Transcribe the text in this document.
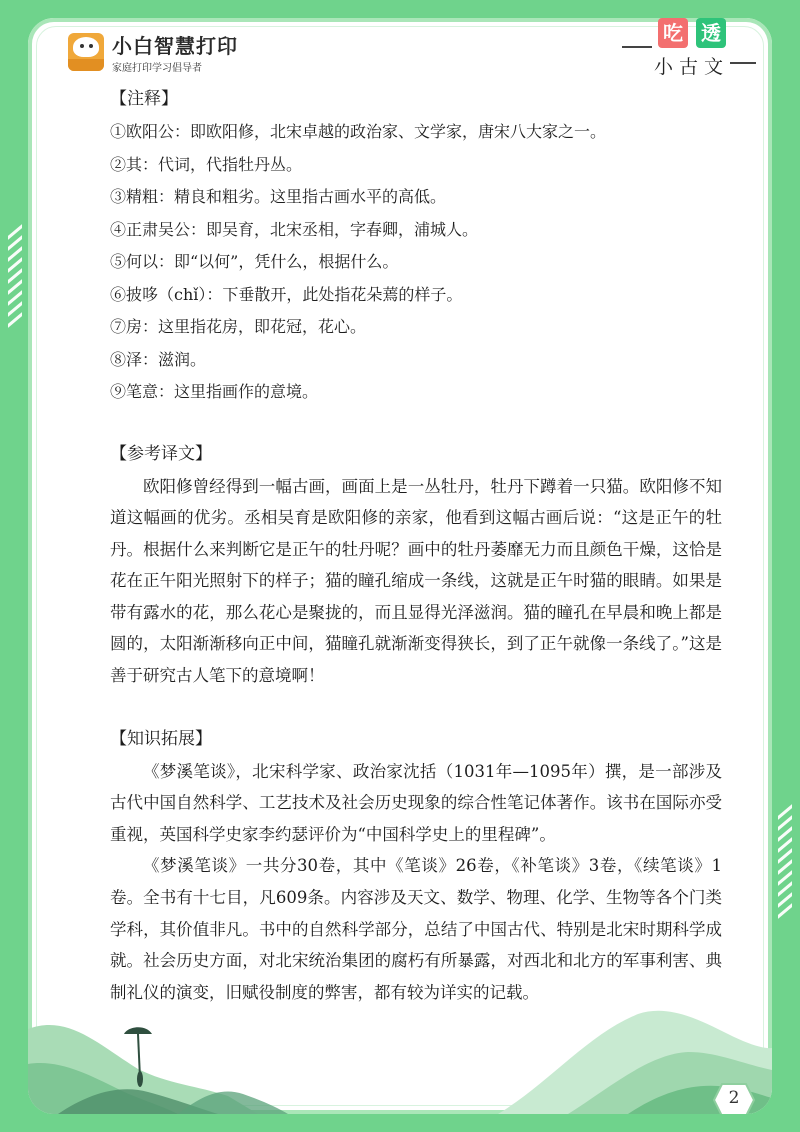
2
小白智慧打印
家庭打印学习倡导者
吃 透
小古文
【注释】
①欧阳公：即欧阳修，北宋卓越的政治家、文学家，唐宋八大家之一。
②其：代词，代指牡丹丛。
③精粗：精良和粗劣。这里指古画水平的高低。
④正肃吴公：即吴育，北宋丞相，字春卿，浦城人。
⑤何以：即“以何”，凭什么，根据什么。
⑥披哆（chǐ）：下垂散开，此处指花朵蔫的样子。
⑦房：这里指花房，即花冠，花心。
⑧泽：滋润。
⑨笔意：这里指画作的意境。
【参考译文】

欧阳修曾经得到一幅古画，画面上是一丛牡丹，牡丹下蹲着一只猫。欧阳修不知道这幅画的优劣。丞相吴育是欧阳修的亲家，他看到这幅古画后说：“这是正午的牡丹。根据什么来判断它是正午的牡丹呢？画中的牡丹萎靡无力而且颜色干燥，这恰是花在正午阳光照射下的样子；猫的瞳孔缩成一条线，这就是正午时猫的眼睛。如果是带有露水的花，那么花心是聚拢的，而且显得光泽滋润。猫的瞳孔在早晨和晚上都是圆的，太阳渐渐移向正中间，猫瞳孔就渐渐变得狭长，到了正午就像一条线了。”这是善于研究古人笔下的意境啊！

【知识拓展】

《梦溪笔谈》，北宋科学家、政治家沈括（1031年—1095年）撰，是一部涉及古代中国自然科学、工艺技术及社会历史现象的综合性笔记体著作。该书在国际亦受重视，英国科学史家李约瑟评价为“中国科学史上的里程碑”。

《梦溪笔谈》一共分30卷，其中《笔谈》26卷，《补笔谈》3卷，《续笔谈》1卷。全书有十七目，凡609条。内容涉及天文、数学、物理、化学、生物等各个门类学科，其价值非凡。书中的自然科学部分，总结了中国古代、特别是北宋时期科学成就。社会历史方面，对北宋统治集团的腐朽有所暴露，对西北和北方的军事利害、典制礼仪的演变，旧赋役制度的弊害，都有较为详实的记载。
